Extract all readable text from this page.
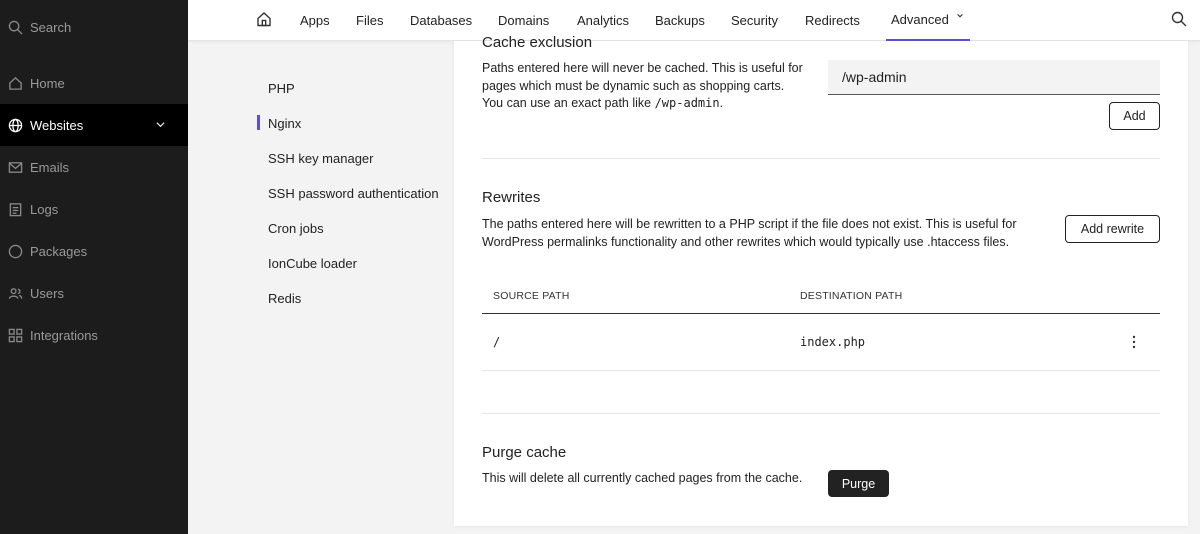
Search
Home
Websites
Emails
Logs
Packages
Users
Integrations
Apps Files Databases Domains Analytics Backups Security Redirects Advanced
PHP
Nginx
SSH key manager
SSH password authentication
Cron jobs
IonCube loader
Redis
Cache exclusion
Paths entered here will never be cached. This is useful for
pages which must be dynamic such as shopping carts.
You can use an exact path like /wp-admin.
/wp-admin
Add
Rewrites
The paths entered here will be rewritten to a PHP script if the file does not exist. This is useful for
WordPress permalinks functionality and other rewrites which would typically use .htaccess files.
Add rewrite
SOURCE PATH	DESTINATION PATH
/	index.php
Purge cache
This will delete all currently cached pages from the cache.	Purge
